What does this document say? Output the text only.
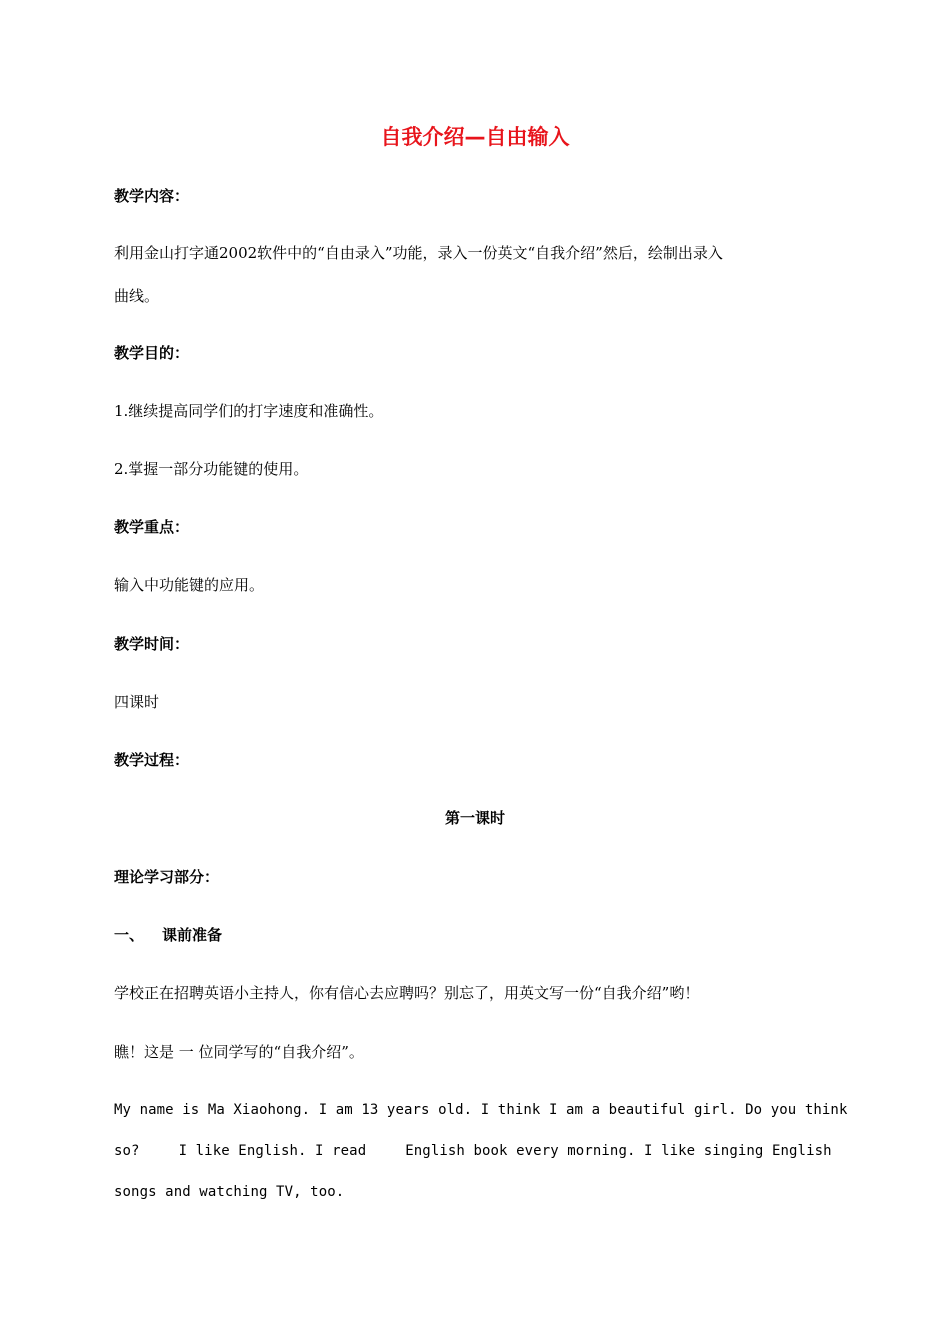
自我介绍—自由输入
教学内容：
利用金山打字通2002软件中的“自由录入”功能，录入一份英文“自我介绍”然后，绘制出录入
曲线。
教学目的：
1.继续提高同学们的打字速度和准确性。
2.掌握一部分功能键的使用。
教学重点：
输入中功能键的应用。
教学时间：
四课时
教学过程：
第一课时
理论学习部分：
一、 课前准备
学校正在招聘英语小主持人，你有信心去应聘吗？别忘了，用英文写一份“自我介绍”哟！
瞧！这是 一 位同学写的“自我介绍”。
My name is Ma Xiaohong. I am 13 years old. I think I am a beautiful girl. Do you think
so?	I like English. I read	English book every morning. I like singing English
songs and watching TV, too.
